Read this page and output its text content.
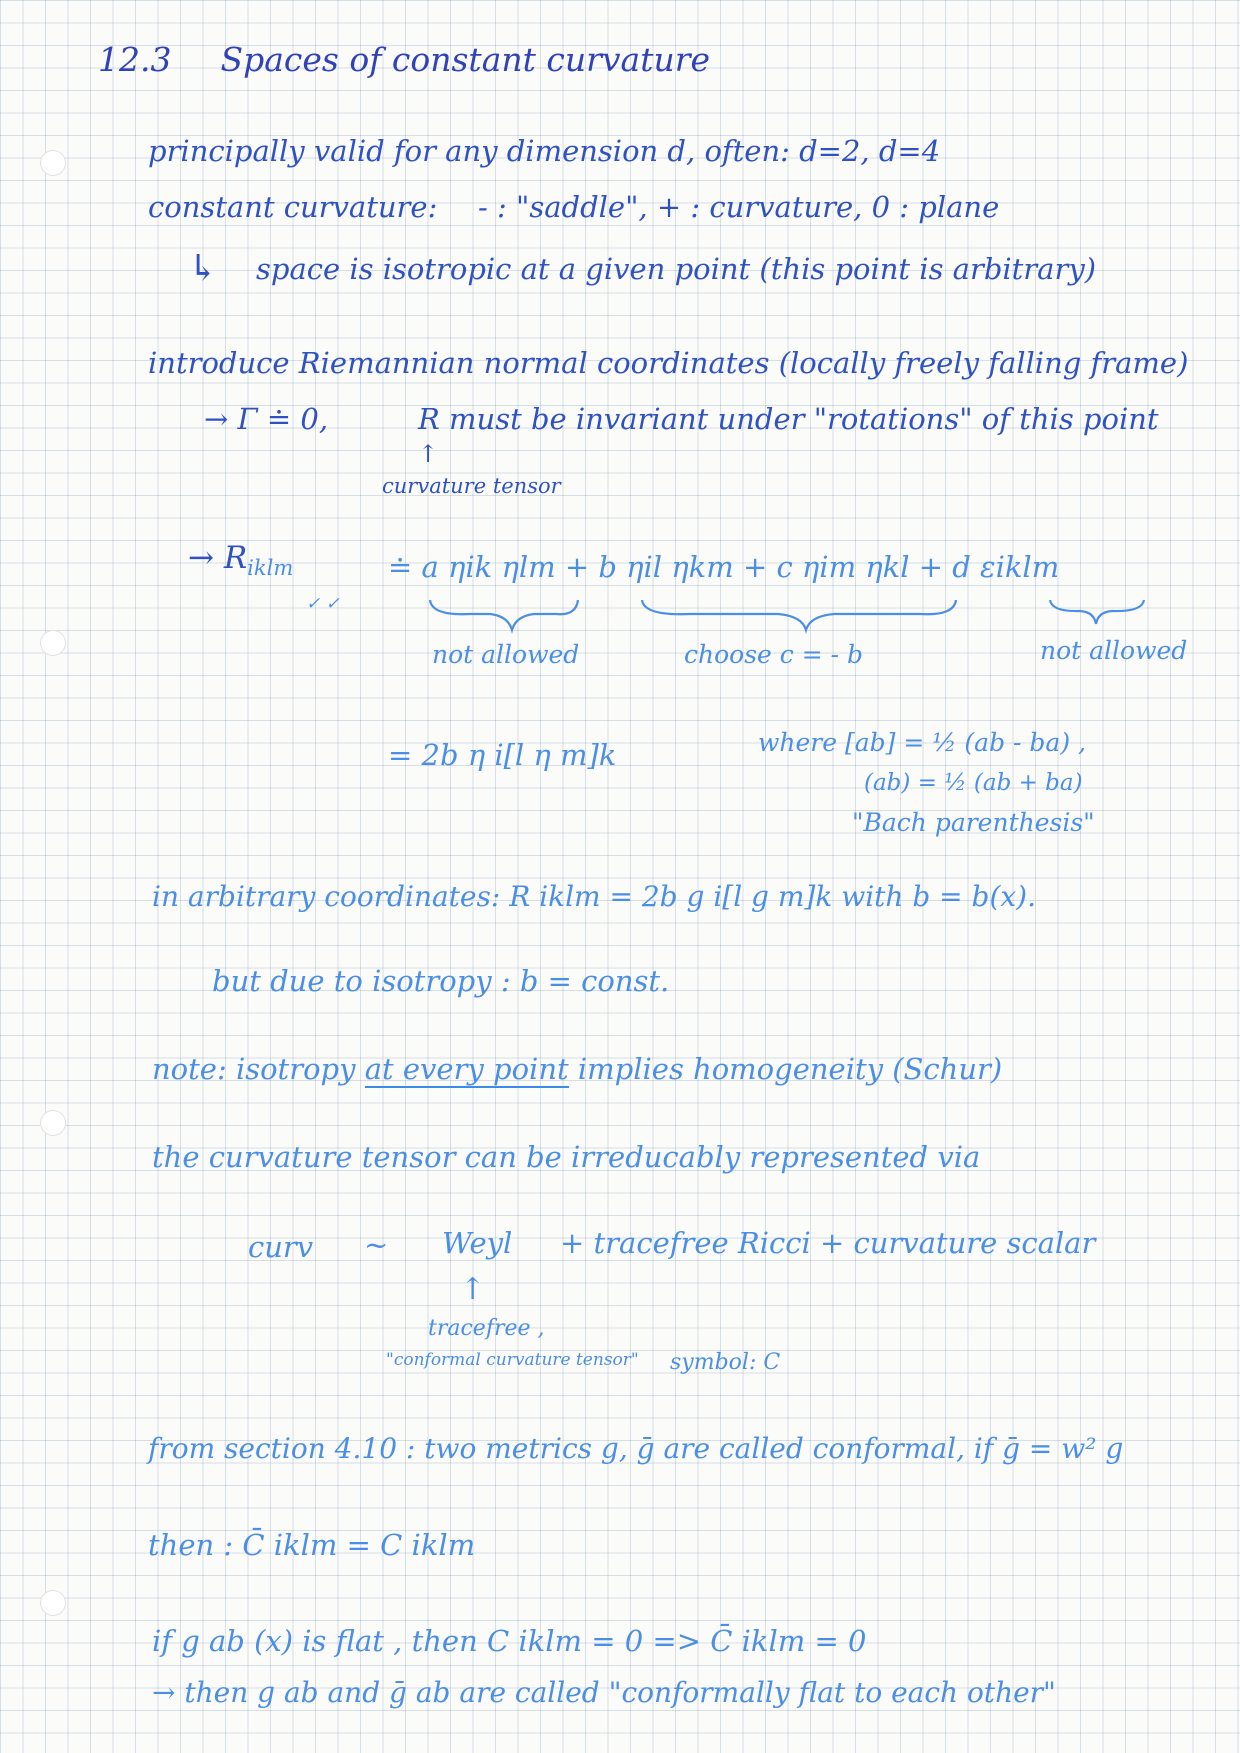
12.3 Spaces of constant curvature
principally valid for any dimension d, often: d=2, d=4
constant curvature: - : "saddle", + : curvature, 0 : plane
↳ space is isotropic at a given point (this point is arbitrary)
introduce Riemannian normal coordinates (locally freely falling frame)
→ Γ ≐ 0,	R must be invariant under "rotations" of this point
↑
curvature tensor
→ $R_{iklm}$
✓ ✓
≐ a ηik ηlm + b ηil ηkm + c ηim ηkl + d εiklm
not allowed	choose c = - b	not allowed
= 2b η i[l η m]k	where [ab] = ½ (ab - ba) ,
(ab) = ½ (ab + ba)
"Bach parenthesis"
in arbitrary coordinates: R iklm = 2b g i[l g m]k with b = b(x).
but due to isotropy : b = const.
note: isotropy at every point implies homogeneity (Schur)
the curvature tensor can be irreducably represented via
curv ~ Weyl + tracefree Ricci + curvature scalar
↑
tracefree ,
"conformal curvature tensor" symbol: C
from section 4.10 : two metrics g, ḡ are called conformal, if ḡ = w² g
then : C̄ iklm = C iklm
if g ab (x) is flat , then C iklm = 0 => C̄ iklm = 0
→ then g ab and ḡ ab are called "conformally flat to each other"
